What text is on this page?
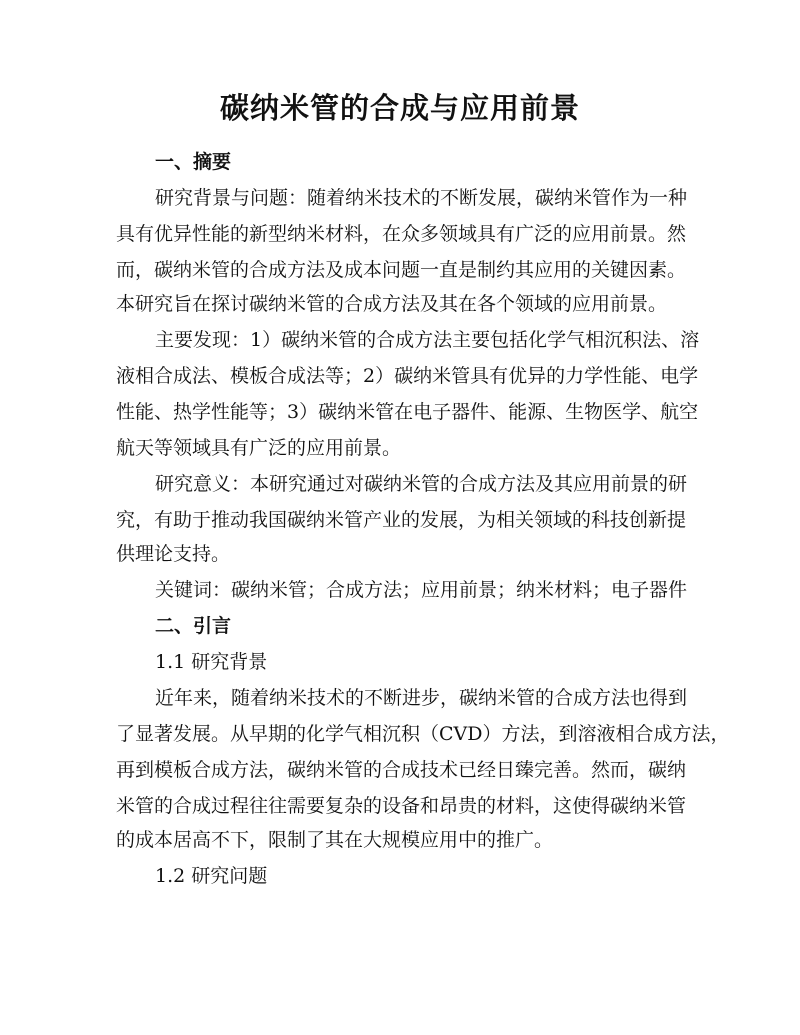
碳纳米管的合成与应用前景

一、摘要

研究背景与问题：随着纳米技术的不断发展，碳纳米管作为一种

具有优异性能的新型纳米材料，在众多领域具有广泛的应用前景。然

而，碳纳米管的合成方法及成本问题一直是制约其应用的关键因素。

本研究旨在探讨碳纳米管的合成方法及其在各个领域的应用前景。

主要发现：1）碳纳米管的合成方法主要包括化学气相沉积法、溶

液相合成法、模板合成法等；2）碳纳米管具有优异的力学性能、电学

性能、热学性能等；3）碳纳米管在电子器件、能源、生物医学、航空

航天等领域具有广泛的应用前景。

研究意义：本研究通过对碳纳米管的合成方法及其应用前景的研

究，有助于推动我国碳纳米管产业的发展，为相关领域的科技创新提

供理论支持。

关键词：碳纳米管；合成方法；应用前景；纳米材料；电子器件

二、引言

1.1 研究背景

近年来，随着纳米技术的不断进步，碳纳米管的合成方法也得到

了显著发展。从早期的化学气相沉积（CVD）方法，到溶液相合成方法，

再到模板合成方法，碳纳米管的合成技术已经日臻完善。然而，碳纳

米管的合成过程往往需要复杂的设备和昂贵的材料，这使得碳纳米管

的成本居高不下，限制了其在大规模应用中的推广。

1.2 研究问题
